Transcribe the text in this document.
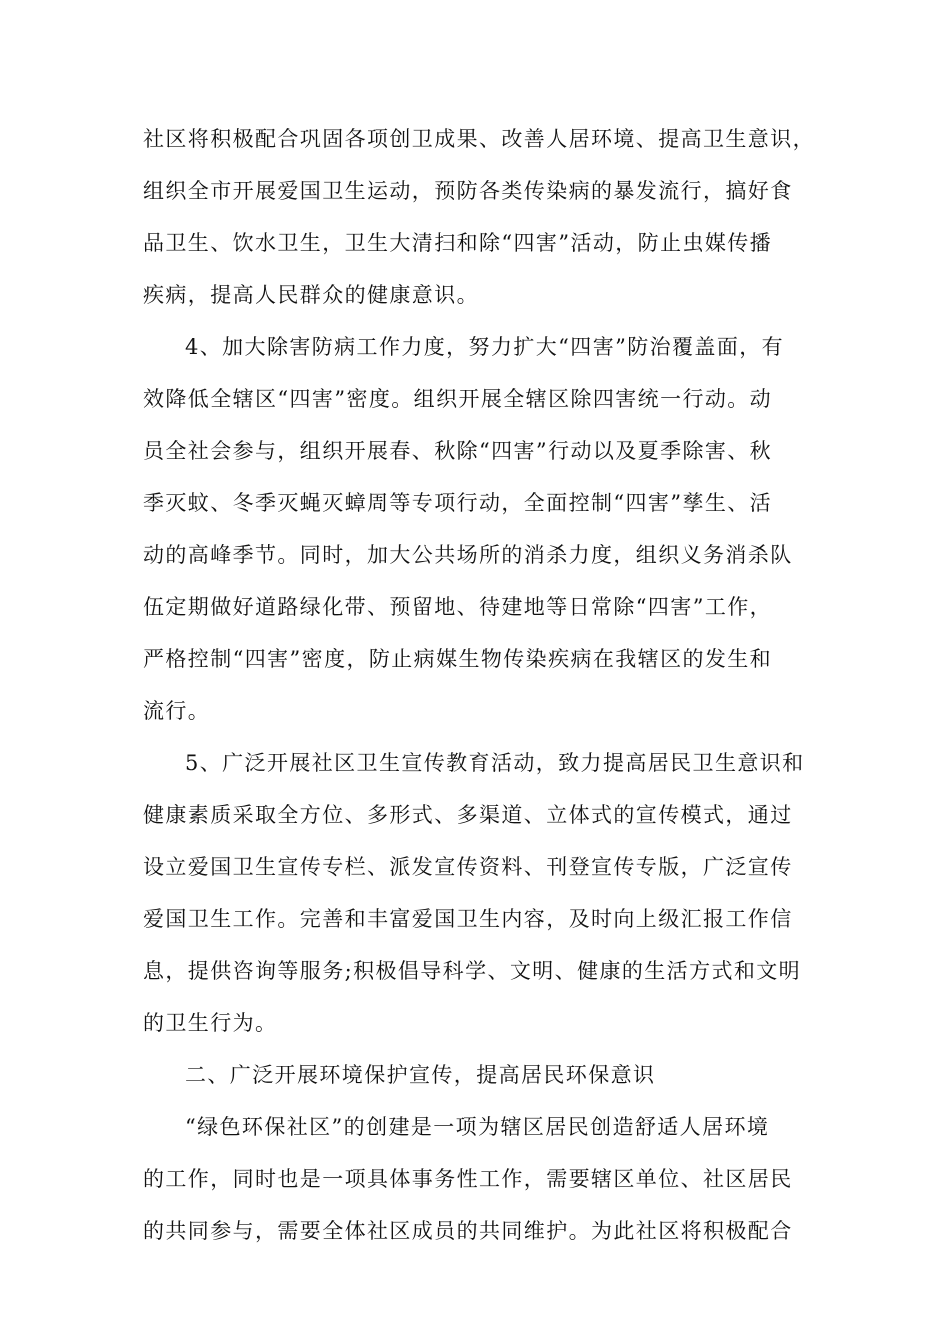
社区将积极配合巩固各项创卫成果、改善人居环境、提高卫生意识，
组织全市开展爱国卫生运动，预防各类传染病的暴发流行，搞好食
品卫生、饮水卫生，卫生大清扫和除“四害”活动，防止虫媒传播
疾病，提高人民群众的健康意识。
4、加大除害防病工作力度，努力扩大“四害”防治覆盖面，有
效降低全辖区“四害”密度。组织开展全辖区除四害统一行动。动
员全社会参与，组织开展春、秋除“四害”行动以及夏季除害、秋
季灭蚊、冬季灭蝇灭蟑周等专项行动，全面控制“四害”孳生、活
动的高峰季节。同时，加大公共场所的消杀力度，组织义务消杀队
伍定期做好道路绿化带、预留地、待建地等日常除“四害”工作，
严格控制“四害”密度，防止病媒生物传染疾病在我辖区的发生和
流行。
5、广泛开展社区卫生宣传教育活动，致力提高居民卫生意识和
健康素质采取全方位、多形式、多渠道、立体式的宣传模式，通过
设立爱国卫生宣传专栏、派发宣传资料、刊登宣传专版，广泛宣传
爱国卫生工作。完善和丰富爱国卫生内容，及时向上级汇报工作信
息，提供咨询等服务;积极倡导科学、文明、健康的生活方式和文明
的卫生行为。
二、广泛开展环境保护宣传，提高居民环保意识
“绿色环保社区”的创建是一项为辖区居民创造舒适人居环境
的工作，同时也是一项具体事务性工作，需要辖区单位、社区居民
的共同参与，需要全体社区成员的共同维护。为此社区将积极配合
